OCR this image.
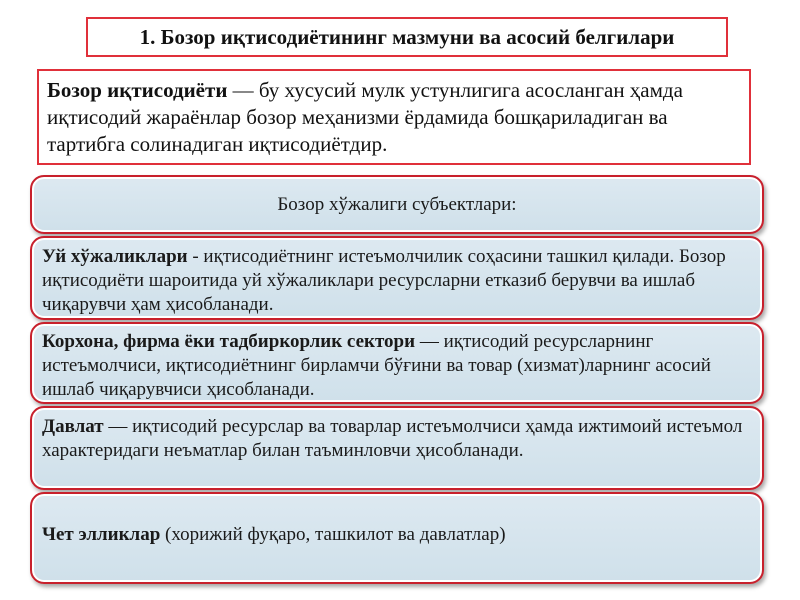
1. Бозор иқтисодиётининг мазмуни ва асосий белгилари
Бозор иқтисодиёти — бу хусусий мулк устунлигига асосланган ҳамда иқтисодий жараёнлар бозор меҳанизми ёрдамида бошқариладиган ва тартибга солинадиган иқтисодиётдир.
Бозор хўжалиги субъектлари:
Уй хўжаликлари - иқтисодиётнинг истеъмолчилик соҳасини ташкил қилади. Бозор иқтисодиёти шароитида уй хўжаликлари ресурсларни етказиб берувчи ва ишлаб чиқарувчи ҳам ҳисобланади.
Корхона, фирма ёки тадбиркорлик сектори — иқтисодий ресурсларнинг истеъмолчиси, иқтисодиётнинг бирламчи бўғини ва товар (хизмат)ларнинг асосий ишлаб чиқарувчиси ҳисобланади.
Давлат — иқтисодий ресурслар ва товарлар истеъмолчиси ҳамда ижтимоий истеъмол характеридаги неъматлар билан таъминловчи ҳисобланади.
Чет элликлар (хорижий фуқаро, ташкилот ва давлатлар)
